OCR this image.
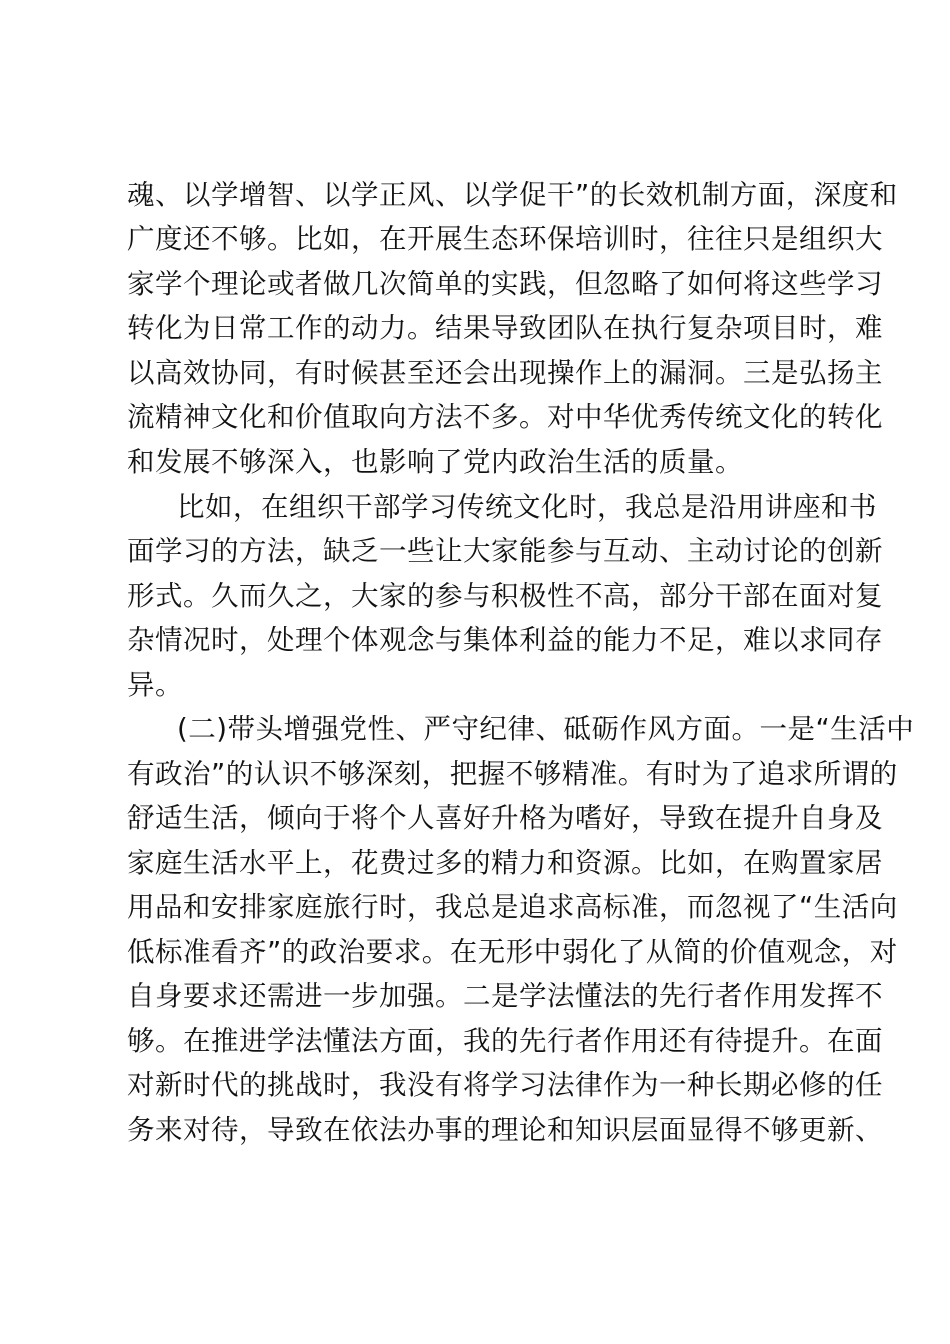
魂、以学增智、以学正风、以学促干”的长效机制方面，深度和
广度还不够。比如，在开展生态环保培训时，往往只是组织大
家学个理论或者做几次简单的实践，但忽略了如何将这些学习
转化为日常工作的动力。结果导致团队在执行复杂项目时，难
以高效协同，有时候甚至还会出现操作上的漏洞。三是弘扬主
流精神文化和价值取向方法不多。对中华优秀传统文化的转化
和发展不够深入，也影响了党内政治生活的质量。
比如，在组织干部学习传统文化时，我总是沿用讲座和书
面学习的方法，缺乏一些让大家能参与互动、主动讨论的创新
形式。久而久之，大家的参与积极性不高，部分干部在面对复
杂情况时，处理个体观念与集体利益的能力不足，难以求同存
异。
(二)带头增强党性、严守纪律、砥砺作风方面。一是“生活中
有政治”的认识不够深刻，把握不够精准。有时为了追求所谓的
舒适生活，倾向于将个人喜好升格为嗜好，导致在提升自身及
家庭生活水平上，花费过多的精力和资源。比如，在购置家居
用品和安排家庭旅行时，我总是追求高标准，而忽视了“生活向
低标准看齐”的政治要求。在无形中弱化了从简的价值观念，对
自身要求还需进一步加强。二是学法懂法的先行者作用发挥不
够。在推进学法懂法方面，我的先行者作用还有待提升。在面
对新时代的挑战时，我没有将学习法律作为一种长期必修的任
务来对待，导致在依法办事的理论和知识层面显得不够更新、
